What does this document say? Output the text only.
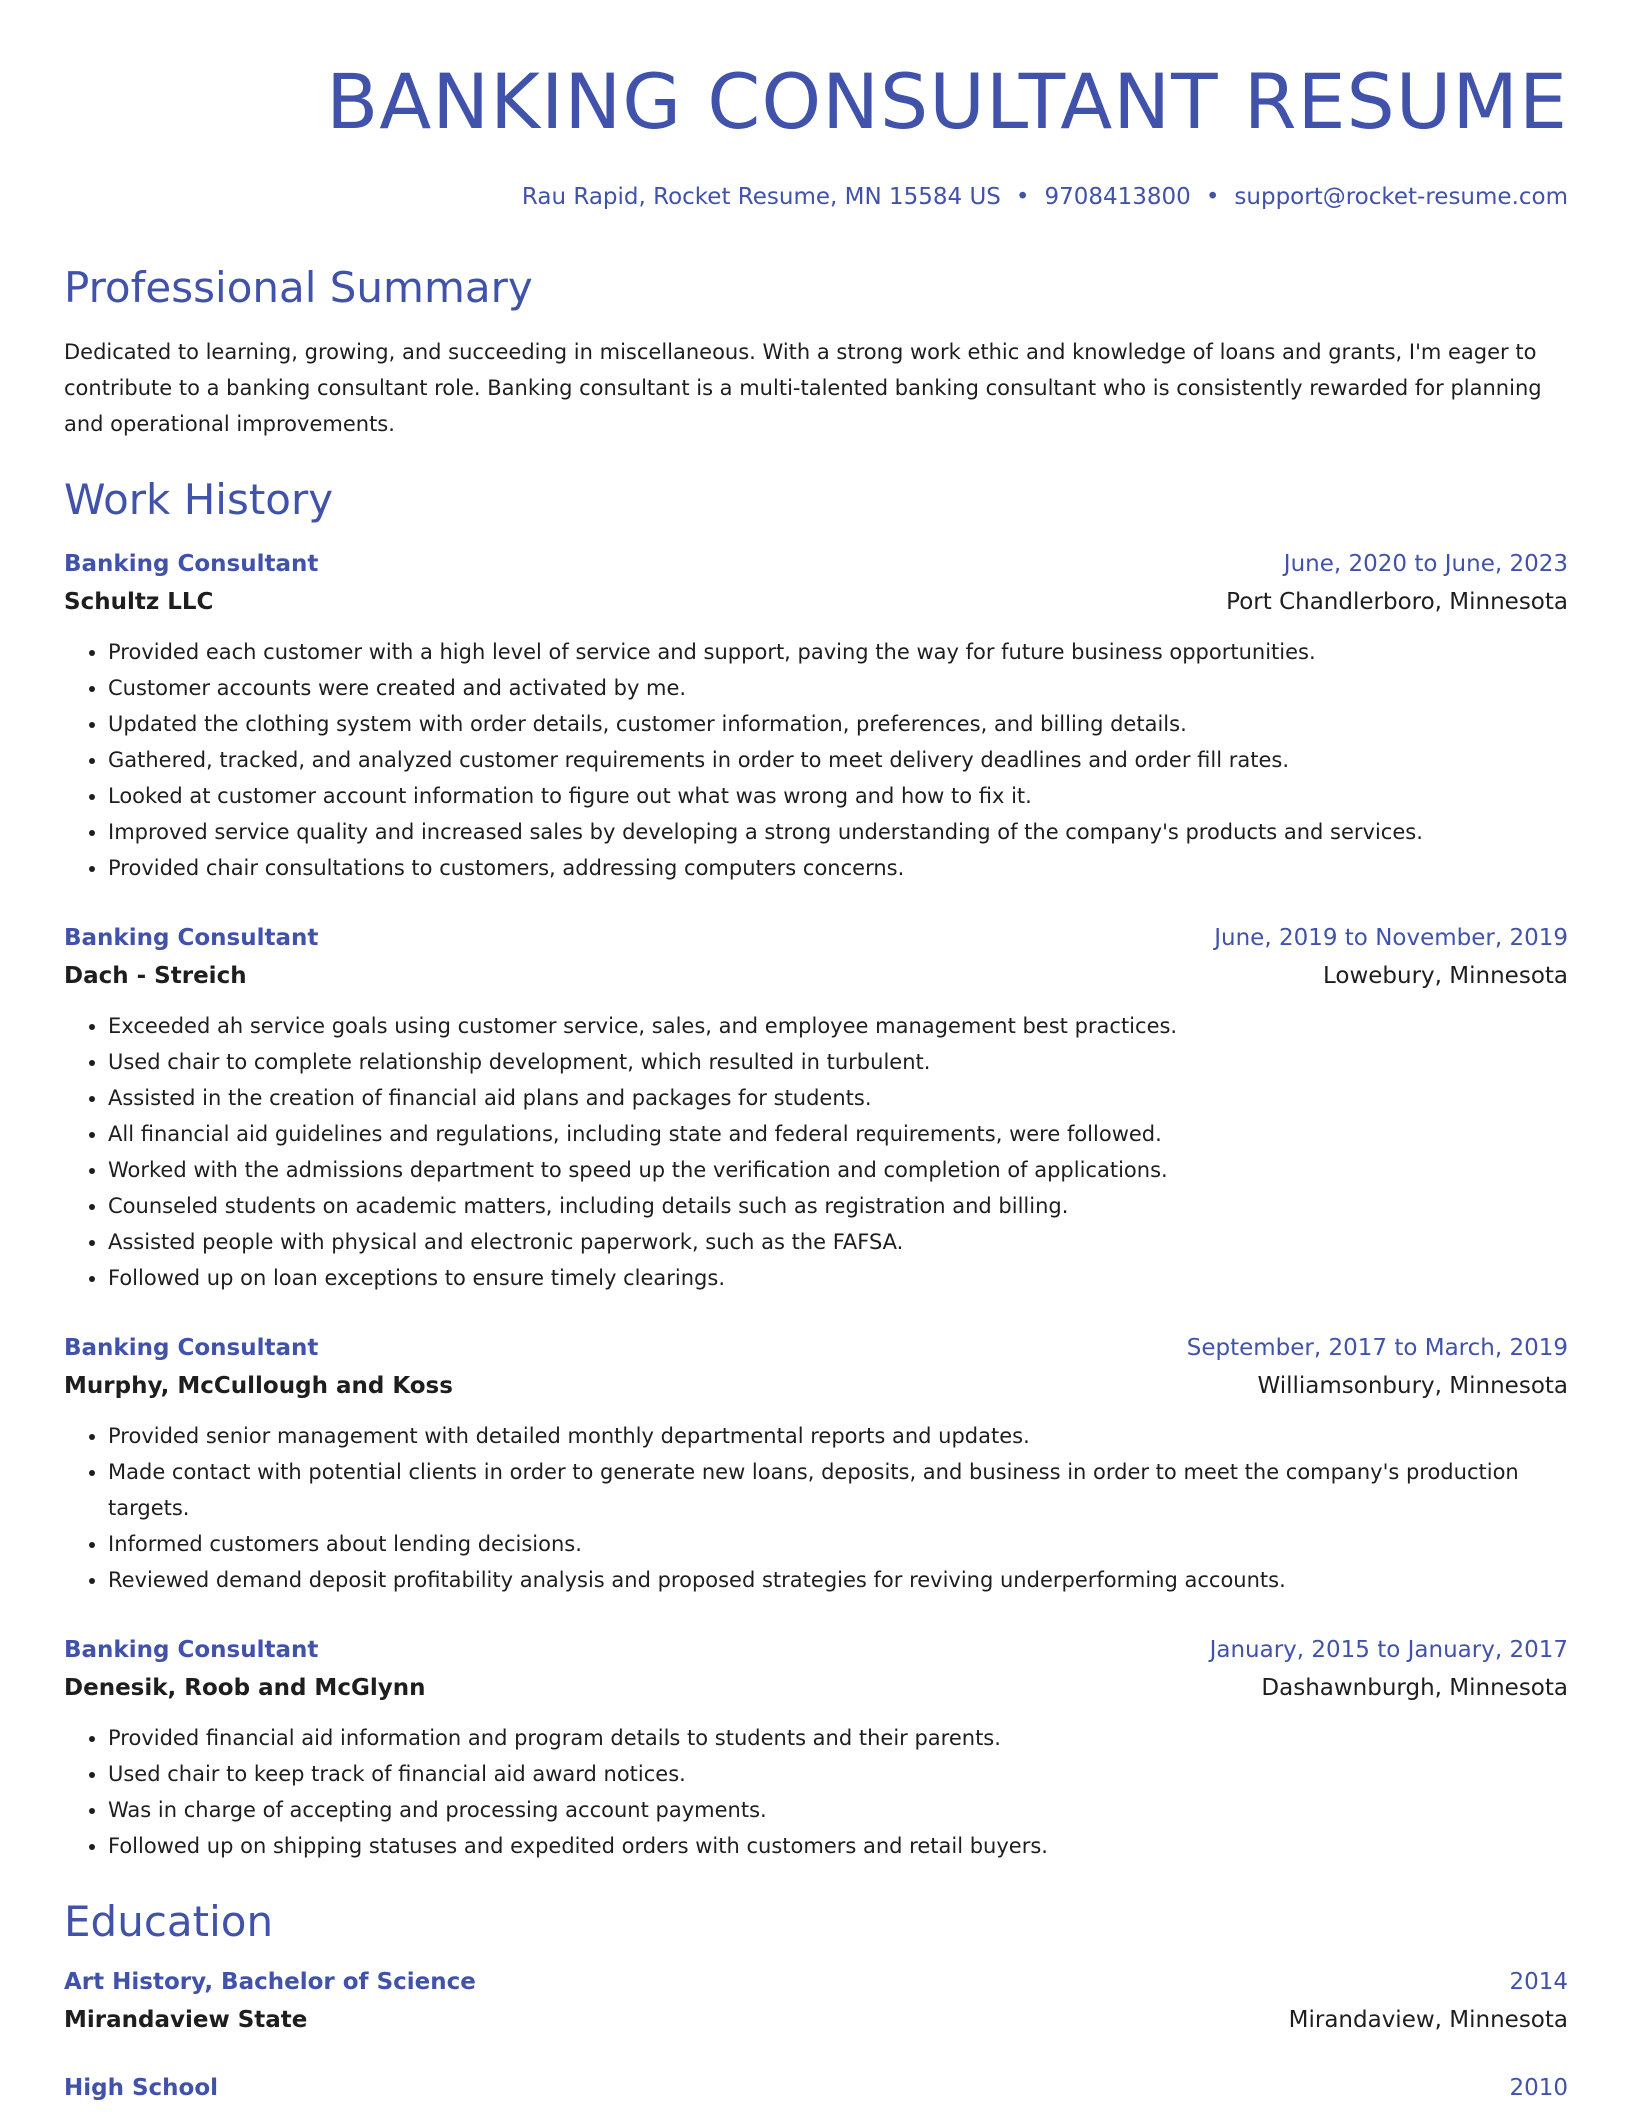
BANKING CONSULTANT RESUME
Rau Rapid, Rocket Resume, MN 15584 US • 9708413800 • support@rocket-resume.com
Professional Summary

Dedicated to learning, growing, and succeeding in miscellaneous. With a strong work ethic and knowledge of loans and grants, I'm eager to contribute to a banking consultant role. Banking consultant is a multi-talented banking consultant who is consistently rewarded for planning and operational improvements.

Work History
Banking Consultant	June, 2020 to June, 2023
Schultz LLC	Port Chandlerboro, Minnesota
• Provided each customer with a high level of service and support, paving the way for future business opportunities.
• Customer accounts were created and activated by me.
• Updated the clothing system with order details, customer information, preferences, and billing details.
• Gathered, tracked, and analyzed customer requirements in order to meet delivery deadlines and order fill rates.
• Looked at customer account information to figure out what was wrong and how to fix it.
• Improved service quality and increased sales by developing a strong understanding of the company's products and services.
• Provided chair consultations to customers, addressing computers concerns.
Banking Consultant	June, 2019 to November, 2019
Dach - Streich	Lowebury, Minnesota
• Exceeded ah service goals using customer service, sales, and employee management best practices.
• Used chair to complete relationship development, which resulted in turbulent.
• Assisted in the creation of financial aid plans and packages for students.
• All financial aid guidelines and regulations, including state and federal requirements, were followed.
• Worked with the admissions department to speed up the verification and completion of applications.
• Counseled students on academic matters, including details such as registration and billing.
• Assisted people with physical and electronic paperwork, such as the FAFSA.
• Followed up on loan exceptions to ensure timely clearings.
Banking Consultant	September, 2017 to March, 2019
Murphy, McCullough and Koss	Williamsonbury, Minnesota
• Provided senior management with detailed monthly departmental reports and updates.
• Made contact with potential clients in order to generate new loans, deposits, and business in order to meet the company's production targets.
• Informed customers about lending decisions.
• Reviewed demand deposit profitability analysis and proposed strategies for reviving underperforming accounts.
Banking Consultant	January, 2015 to January, 2017
Denesik, Roob and McGlynn	Dashawnburgh, Minnesota
• Provided financial aid information and program details to students and their parents.
• Used chair to keep track of financial aid award notices.
• Was in charge of accepting and processing account payments.
• Followed up on shipping statuses and expedited orders with customers and retail buyers.
Education
Art History, Bachelor of Science	2014
Mirandaview State	Mirandaview, Minnesota
High School	2010
